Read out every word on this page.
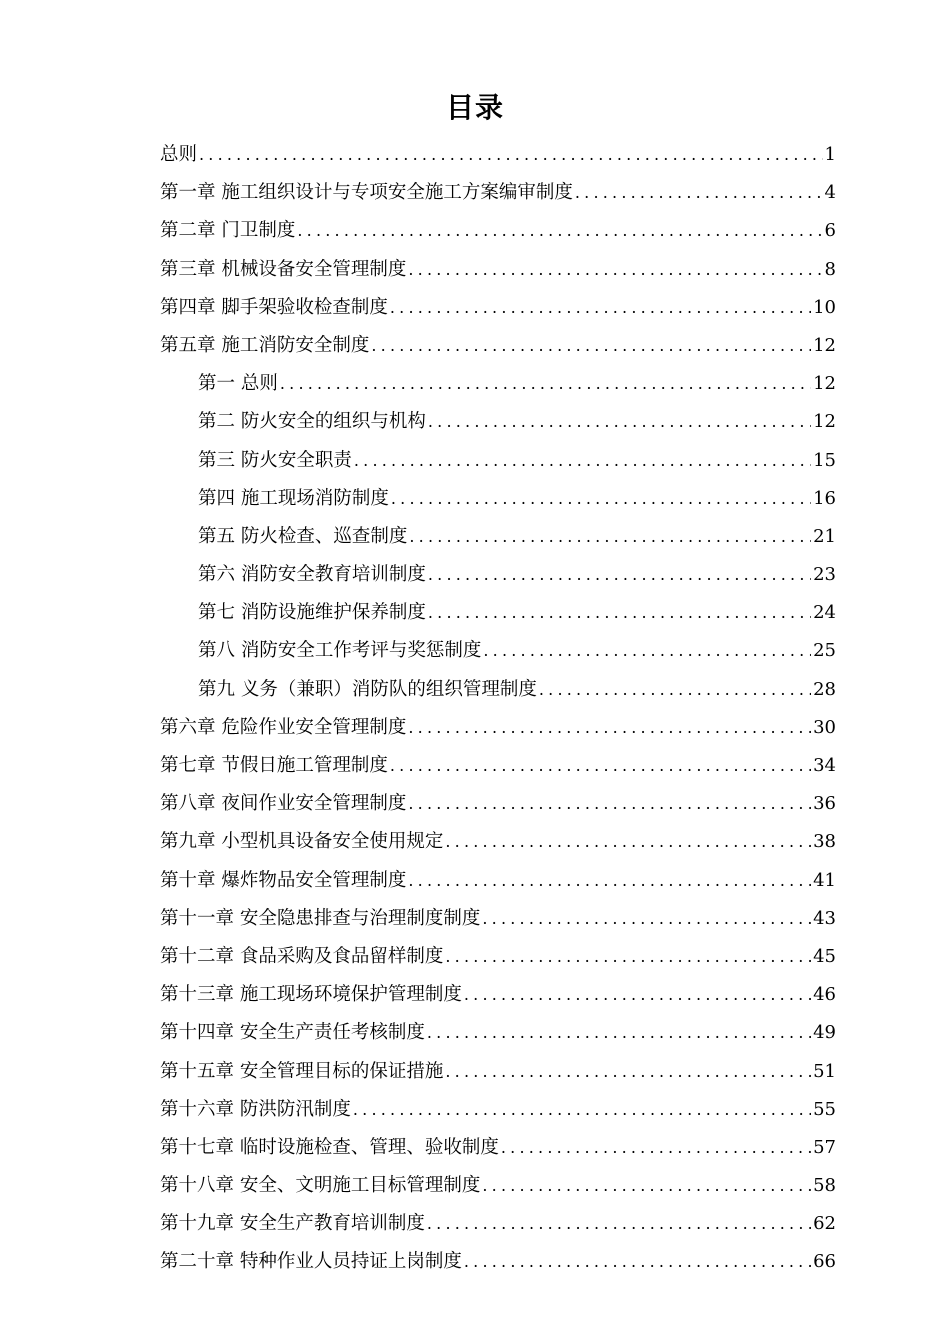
目录
总则 .....	1
第一章 施工组织设计与专项安全施工方案编审制度 .....	4
第二章 门卫制度 .....	6
第三章 机械设备安全管理制度 .....	8
第四章 脚手架验收检查制度 .....	10
第五章 施工消防安全制度 .....	12
第一 总则 .....	12
第二 防火安全的组织与机构 .....	12
第三 防火安全职责 .....	15
第四 施工现场消防制度 .....	16
第五 防火检查、巡查制度 .....	21
第六 消防安全教育培训制度 .....	23
第七 消防设施维护保养制度 .....	24
第八 消防安全工作考评与奖惩制度 .....	25
第九 义务（兼职）消防队的组织管理制度 .....	28
第六章 危险作业安全管理制度 .....	30
第七章 节假日施工管理制度 .....	34
第八章 夜间作业安全管理制度 .....	36
第九章 小型机具设备安全使用规定 .....	38
第十章 爆炸物品安全管理制度 .....	41
第十一章 安全隐患排查与治理制度制度 .....	43
第十二章 食品采购及食品留样制度 .....	45
第十三章 施工现场环境保护管理制度 .....	46
第十四章 安全生产责任考核制度 .....	49
第十五章 安全管理目标的保证措施 .....	51
第十六章 防洪防汛制度 .....	55
第十七章 临时设施检查、管理、验收制度 .....	57
第十八章 安全、文明施工目标管理制度 .....	58
第十九章 安全生产教育培训制度 .....	62
第二十章 特种作业人员持证上岗制度 .....	66
